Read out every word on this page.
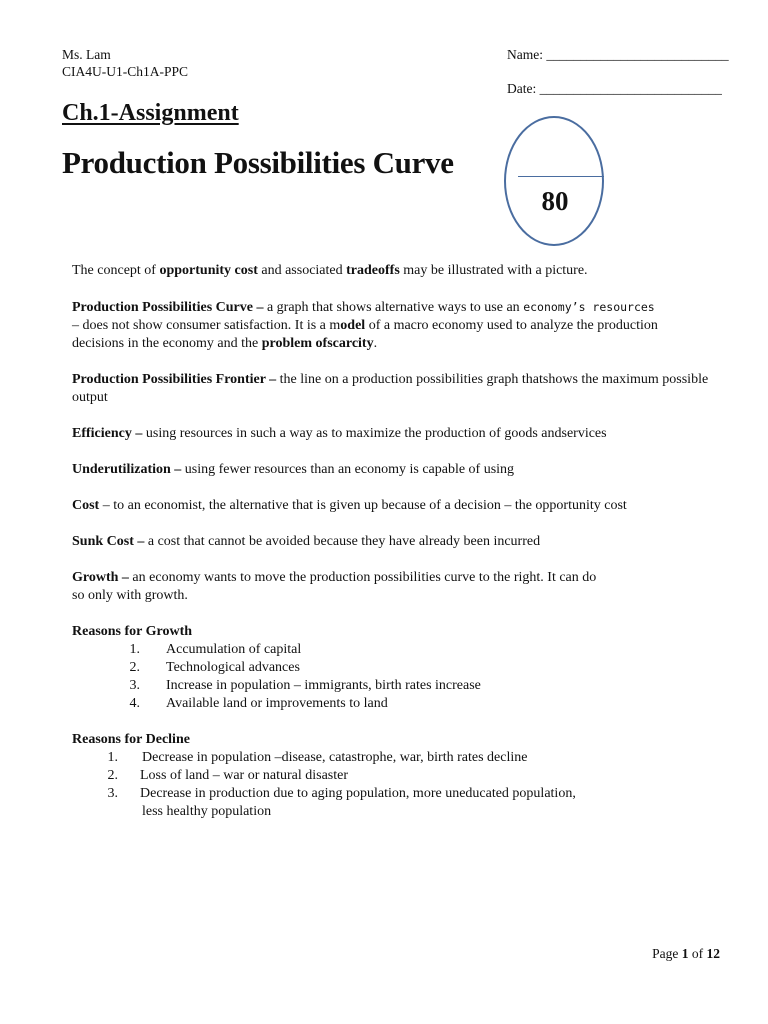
Ms. Lam
CIA4U-U1-Ch1A-PPC
Name: ___________________________
Date: ___________________________
Ch.1-Assignment
Production Possibilities Curve
80

The concept of opportunity cost and associated tradeoffs may be illustrated with a picture.

Production Possibilities Curve – a graph that shows alternative ways to use an economy’s resources
– does not show consumer satisfaction. It is a model of a macro economy used to analyze the production decisions in the economy and the problem ofscarcity.

Production Possibilities Frontier – the line on a production possibilities graph thatshows the maximum possible output

Efficiency – using resources in such a way as to maximize the production of goods andservices

Underutilization – using fewer resources than an economy is capable of using

Cost – to an economist, the alternative that is given up because of a decision – the opportunity cost

Sunk Cost – a cost that cannot be avoided because they have already been incurred

Growth – an economy wants to move the production possibilities curve to the right. It can do so only with growth.

Reasons for Growth
1.	Accumulation of capital
2.	Technological advances
3.	Increase in population – immigrants, birth rates increase
4.	Available land or improvements to land
Reasons for Decline
1.	Decrease in population –disease, catastrophe, war, birth rates decline
2.	Loss of land – war or natural disaster
3.	Decrease in production due to aging population, more uneducated population,
less healthy population
Page 1 of 12
